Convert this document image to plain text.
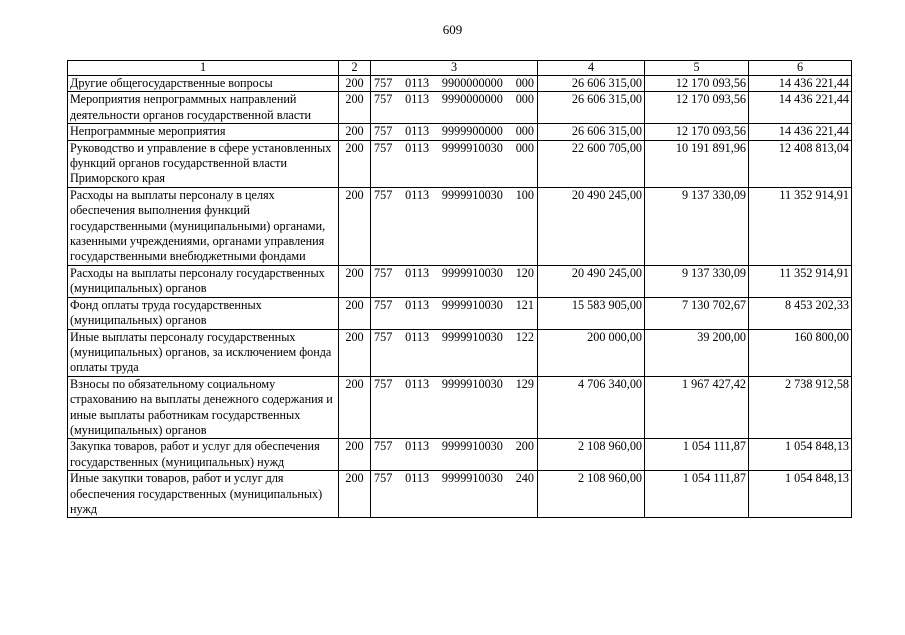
609
1	2	3	4	5	6
Другие общегосударственные вопросы	200	757 0113 9900000000 000	26 606 315,00	12 170 093,56	14 436 221,44
Мероприятия непрограммных направлений деятельности органов государственной власти	200	757 0113 9990000000 000	26 606 315,00	12 170 093,56	14 436 221,44
Непрограммные мероприятия	200	757 0113 9999900000 000	26 606 315,00	12 170 093,56	14 436 221,44
Руководство и управление в сфере установленных функций органов государственной власти Приморского края	200	757 0113 9999910030 000	22 600 705,00	10 191 891,96	12 408 813,04
Расходы на выплаты персоналу в целях обеспечения выполнения функций государственными (муниципальными) органами, казенными учреждениями, органами управления государственными внебюджетными фондами	200	757 0113 9999910030 100	20 490 245,00	9 137 330,09	11 352 914,91
Расходы на выплаты персоналу государственных (муниципальных) органов	200	757 0113 9999910030 120	20 490 245,00	9 137 330,09	11 352 914,91
Фонд оплаты труда государственных (муниципальных) органов	200	757 0113 9999910030 121	15 583 905,00	7 130 702,67	8 453 202,33
Иные выплаты персоналу государственных (муниципальных) органов, за исключением фонда оплаты труда	200	757 0113 9999910030 122	200 000,00	39 200,00	160 800,00
Взносы по обязательному социальному страхованию на выплаты денежного содержания и иные выплаты работникам государственных (муниципальных) органов	200	757 0113 9999910030 129	4 706 340,00	1 967 427,42	2 738 912,58
Закупка товаров, работ и услуг для обеспечения государственных (муниципальных) нужд	200	757 0113 9999910030 200	2 108 960,00	1 054 111,87	1 054 848,13
Иные закупки товаров, работ и услуг для обеспечения государственных (муниципальных) нужд	200	757 0113 9999910030 240	2 108 960,00	1 054 111,87	1 054 848,13
